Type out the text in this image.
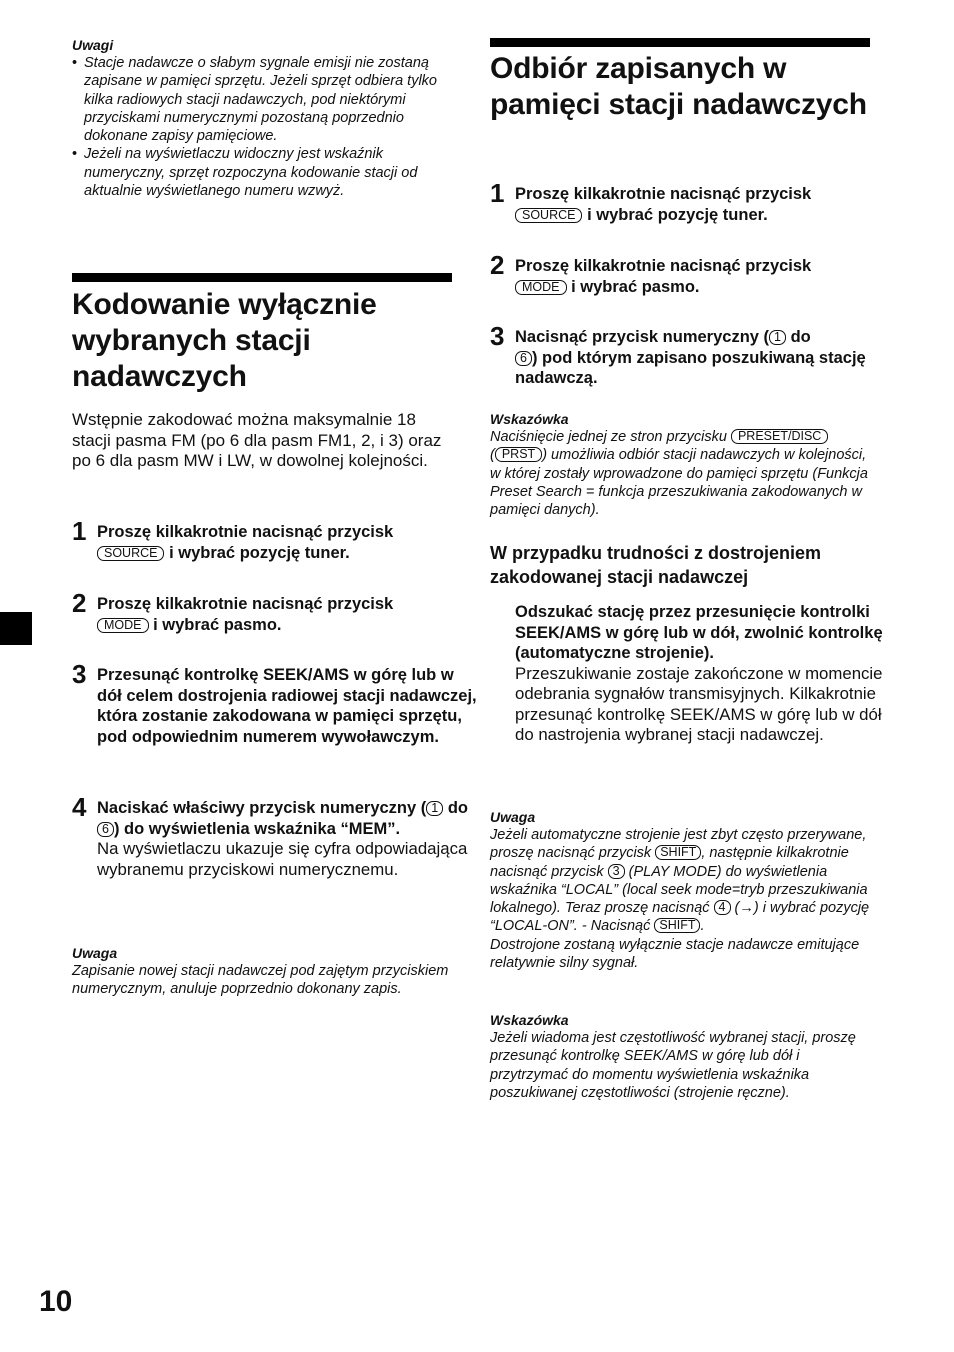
Uwagi
• Stacje nadawcze o słabym sygnale emisji nie zostaną zapisane w pamięci sprzętu. Jeżeli sprzęt odbiera tylko kilka radiowych stacji nadawczych, pod niektórymi przyciskami numerycznymi pozostaną poprzednio dokonane zapisy pamięciowe.
• Jeżeli na wyświetlaczu widoczny jest wskaźnik numeryczny, sprzęt rozpoczyna kodowanie stacji od aktualnie wyświetlanego numeru wzwyż.
Kodowanie wyłącznie wybranych stacji nadawczych
Wstępnie zakodować można maksymalnie 18 stacji pasma FM (po 6 dla pasm FM1, 2, i 3) oraz po 6 dla pasm MW i LW, w dowolnej kolejności.
1 Proszę kilkakrotnie nacisnąć przycisk
SOURCE i wybrać pozycję tuner.
2 Proszę kilkakrotnie nacisnąć przycisk
MODE i wybrać pasmo.
3 Przesunąć kontrolkę SEEK/AMS w górę lub w dół celem dostrojenia radiowej stacji nadawczej, która zostanie zakodowana w pamięci sprzętu, pod odpowiednim numerem wywoławczym.
4 Naciskać właściwy przycisk numeryczny ( 1 do 6 ) do wyświetlenia wskaźnika “MEM”.
Na wyświetlaczu ukazuje się cyfra odpowiadająca wybranemu przyciskowi numerycznemu.
Uwaga
Zapisanie nowej stacji nadawczej pod zajętym przyciskiem numerycznym, anuluje poprzednio dokonany zapis.
Odbiór zapisanych w pamięci stacji nadawczych
1 Proszę kilkakrotnie nacisnąć przycisk
SOURCE i wybrać pozycję tuner.
2 Proszę kilkakrotnie nacisnąć przycisk
MODE i wybrać pasmo.
3 Nacisnąć przycisk numeryczny ( 1 do
6 ) pod którym zapisano poszukiwaną stację nadawczą.
Wskazówka
Naciśnięcie jednej ze stron przycisku PRESET/DISC
( PRST ) umożliwia odbiór stacji nadawczych w kolejności, w której zostały wprowadzone do pamięci sprzętu (Funkcja Preset Search = funkcja przeszukiwania zakodowanych w pamięci danych).
W przypadku trudności z dostrojeniem zakodowanej stacji nadawczej
Odszukać stację przez przesunięcie kontrolki SEEK/AMS w górę lub w dół, zwolnić kontrolkę (automatyczne strojenie).
Przeszukiwanie zostaje zakończone w momencie odebrania sygnałów transmisyjnych. Kilkakrotnie przesunąć kontrolkę SEEK/AMS w górę lub w dół do nastrojenia wybranej stacji nadawczej.
Uwaga
Jeżeli automatyczne strojenie jest zbyt często przerywane, proszę nacisnąć przycisk SHIFT , następnie kilkakrotnie nacisnąć przycisk 3 (PLAY MODE) do wyświetlenia wskaźnika “LOCAL” (local seek mode=tryb przeszukiwania lokalnego). Teraz proszę nacisnąć 4 (→) i wybrać pozycję “LOCAL-ON”. - Nacisnąć SHIFT .
Dostrojone zostaną wyłącznie stacje nadawcze emitujące relatywnie silny sygnał.
Wskazówka
Jeżeli wiadoma jest częstotliwość wybranej stacji, proszę przesunąć kontrolkę SEEK/AMS w górę lub dół i przytrzymać do momentu wyświetlenia wskaźnika poszukiwanej częstotliwości (strojenie ręczne).
10
